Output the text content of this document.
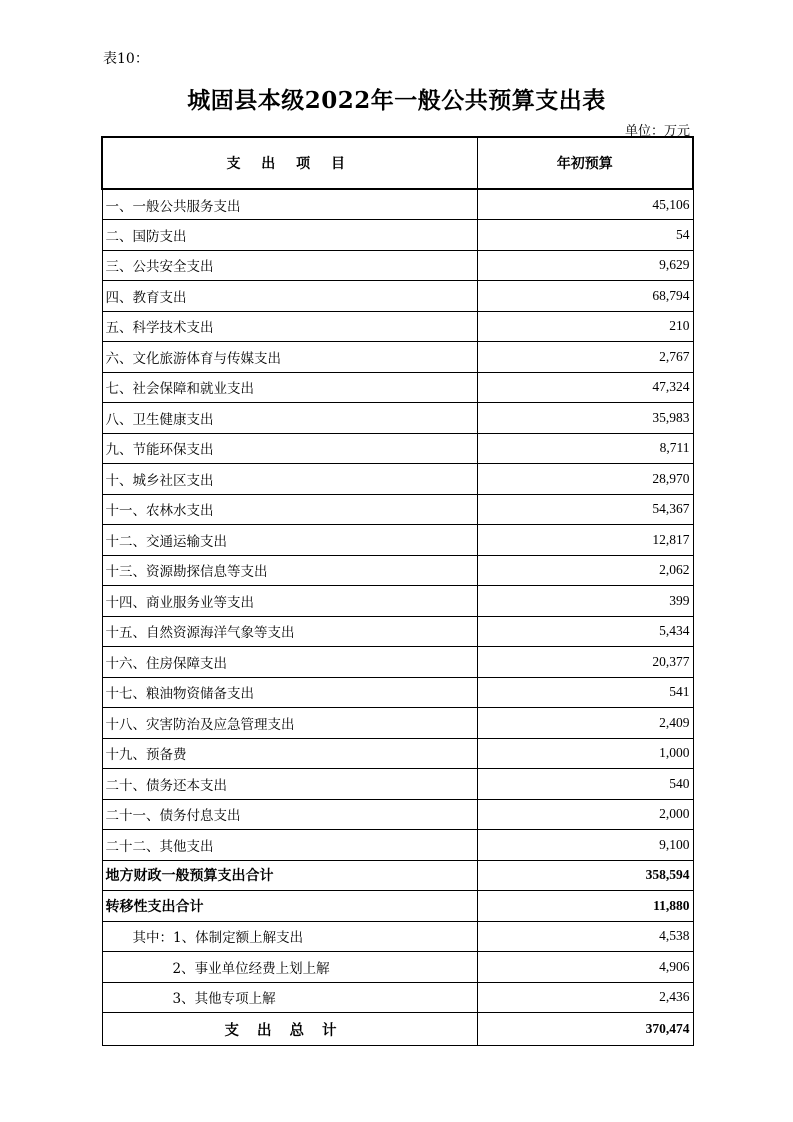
表10：
城固县本级2022年一般公共预算支出表
单位：万元
支 出 项 目	年初预算
一、一般公共服务支出	45,106
二、国防支出	54
三、公共安全支出	9,629
四、教育支出	68,794
五、科学技术支出	210
六、文化旅游体育与传媒支出	2,767
七、社会保障和就业支出	47,324
八、卫生健康支出	35,983
九、节能环保支出	8,711
十、城乡社区支出	28,970
十一、农林水支出	54,367
十二、交通运输支出	12,817
十三、资源勘探信息等支出	2,062
十四、商业服务业等支出	399
十五、自然资源海洋气象等支出	5,434
十六、住房保障支出	20,377
十七、粮油物资储备支出	541
十八、灾害防治及应急管理支出	2,409
十九、预备费	1,000
二十、债务还本支出	540
二十一、债务付息支出	2,000
二十二、其他支出	9,100
地方财政一般预算支出合计	358,594
转移性支出合计	11,880
其中：1、体制定额上解支出	4,538
2、事业单位经费上划上解	4,906
3、其他专项上解	2,436
支出总计	370,474
